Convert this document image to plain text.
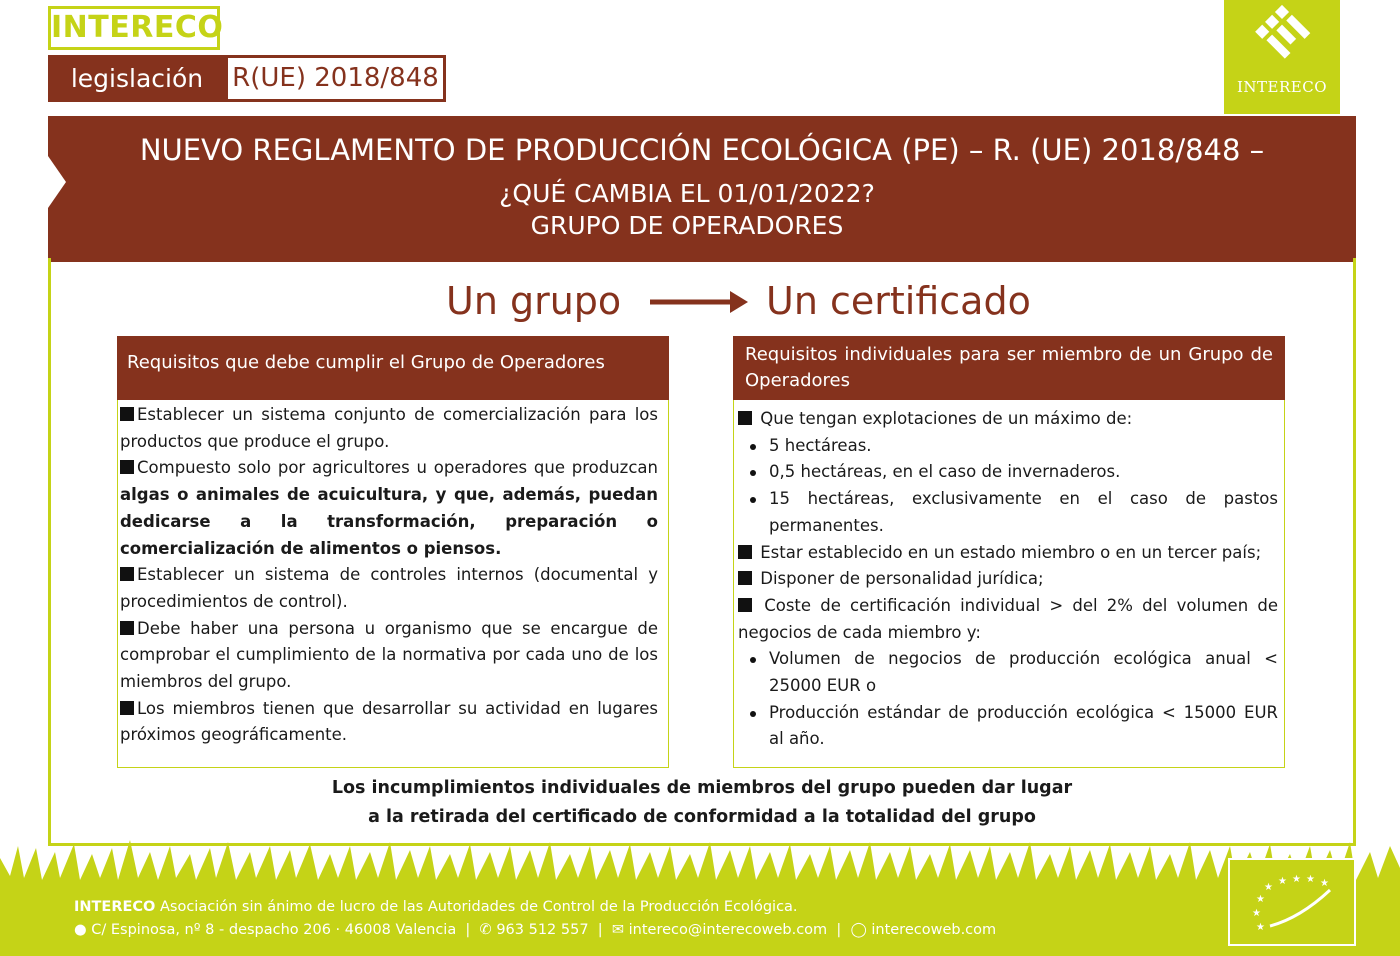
INTERECO
legislación	R(UE) 2018/848	INTERECO
NUEVO REGLAMENTO DE PRODUCCIÓN ECOLÓGICA (PE) – R. (UE) 2018/848 –
¿QUÉ CAMBIA EL 01/01/2022?
GRUPO DE OPERADORES
Un grupo	Un certificado
Requisitos que debe cumplir el Grupo de Operadores
Establecer un sistema conjunto de comercialización para los productos que produce el grupo.
Compuesto solo por agricultores u operadores que produzcan algas o animales de acuicultura, y que, además, puedan dedicarse a la transformación, preparación o comercialización de alimentos o piensos.
Establecer un sistema de controles internos (documental y procedimientos de control).
Debe haber una persona u organismo que se encargue de comprobar el cumplimiento de la normativa por cada uno de los miembros del grupo.
Los miembros tienen que desarrollar su actividad en lugares próximos geográficamente.
Requisitos individuales para ser miembro de un Grupo de Operadores
Que tengan explotaciones de un máximo de:
5 hectáreas.
0,5 hectáreas, en el caso de invernaderos.
15 hectáreas, exclusivamente en el caso de pastos permanentes.
Estar establecido en un estado miembro o en un tercer país;
Disponer de personalidad jurídica;
Coste de certificación individual > del 2% del volumen de negocios de cada miembro y:
Volumen de negocios de producción ecológica anual < 25000 EUR o
Producción estándar de producción ecológica < 15000 EUR al año.
Los incumplimientos individuales de miembros del grupo pueden dar lugar
a la retirada del certificado de conformidad a la totalidad del grupo
INTERECO Asociación sin ánimo de lucro de las Autoridades de Control de la Producción Ecológica.
● C/ Espinosa, nº 8 - despacho 206 · 46008 Valencia  |  ✆ 963 512 557  |  ✉ intereco@interecoweb.com  |  ◯ interecoweb.com
★
★ ★ ★ ★
★
★
★
